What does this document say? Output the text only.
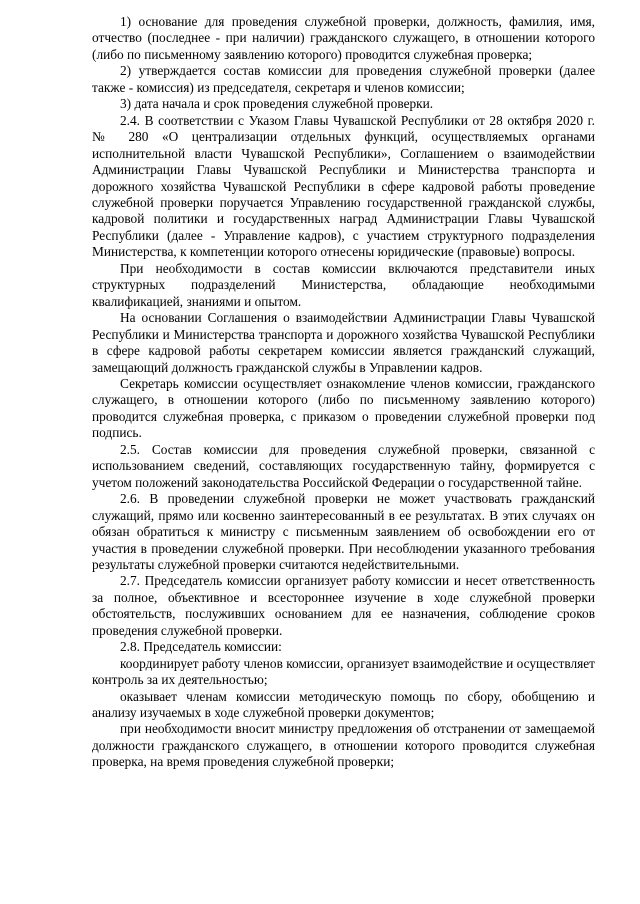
1) основание для проведения служебной проверки, должность, фамилия, имя, отчество (последнее - при наличии) гражданского служащего, в отношении которого (либо по письменному заявлению которого) проводится служебная проверка;

2) утверждается состав комиссии для проведения служебной проверки (далее также - комиссия) из председателя, секретаря и членов комиссии;

3) дата начала и срок проведения служебной проверки.

2.4. В соответствии с Указом Главы Чувашской Республики от 28 октября 2020 г. № 280 «О централизации отдельных функций, осуществляемых органами исполнительной власти Чувашской Республики», Соглашением о взаимодействии Администрации Главы Чувашской Республики и Министерства транспорта и дорожного хозяйства Чувашской Республики в сфере кадровой работы проведение служебной проверки поручается Управлению государственной гражданской службы, кадровой политики и государственных наград Администрации Главы Чувашской Республики (далее - Управление кадров), с участием структурного подразделения Министерства, к компетенции которого отнесены юридические (правовые) вопросы.

При необходимости в состав комиссии включаются представители иных структурных подразделений Министерства, обладающие необходимыми квалификацией, знаниями и опытом.

На основании Соглашения о взаимодействии Администрации Главы Чувашской Республики и Министерства транспорта и дорожного хозяйства Чувашской Республики в сфере кадровой работы секретарем комиссии является гражданский служащий, замещающий должность гражданской службы в Управлении кадров.

Секретарь комиссии осуществляет ознакомление членов комиссии, гражданского служащего, в отношении которого (либо по письменному заявлению которого) проводится служебная проверка, с приказом о проведении служебной проверки под подпись.

2.5. Состав комиссии для проведения служебной проверки, связанной с использованием сведений, составляющих государственную тайну, формируется с учетом положений законодательства Российской Федерации о государственной тайне.

2.6. В проведении служебной проверки не может участвовать гражданский служащий, прямо или косвенно заинтересованный в ее результатах. В этих случаях он обязан обратиться к министру с письменным заявлением об освобождении его от участия в проведении служебной проверки. При несоблюдении указанного требования результаты служебной проверки считаются недействительными.

2.7. Председатель комиссии организует работу комиссии и несет ответственность за полное, объективное и всестороннее изучение в ходе служебной проверки обстоятельств, послуживших основанием для ее назначения, соблюдение сроков проведения служебной проверки.

2.8. Председатель комиссии:

координирует работу членов комиссии, организует взаимодействие и осуществляет контроль за их деятельностью;

оказывает членам комиссии методическую помощь по сбору, обобщению и анализу изучаемых в ходе служебной проверки документов;

при необходимости вносит министру предложения об отстранении от замещаемой должности гражданского служащего, в отношении которого проводится служебная проверка, на время проведения служебной проверки;
